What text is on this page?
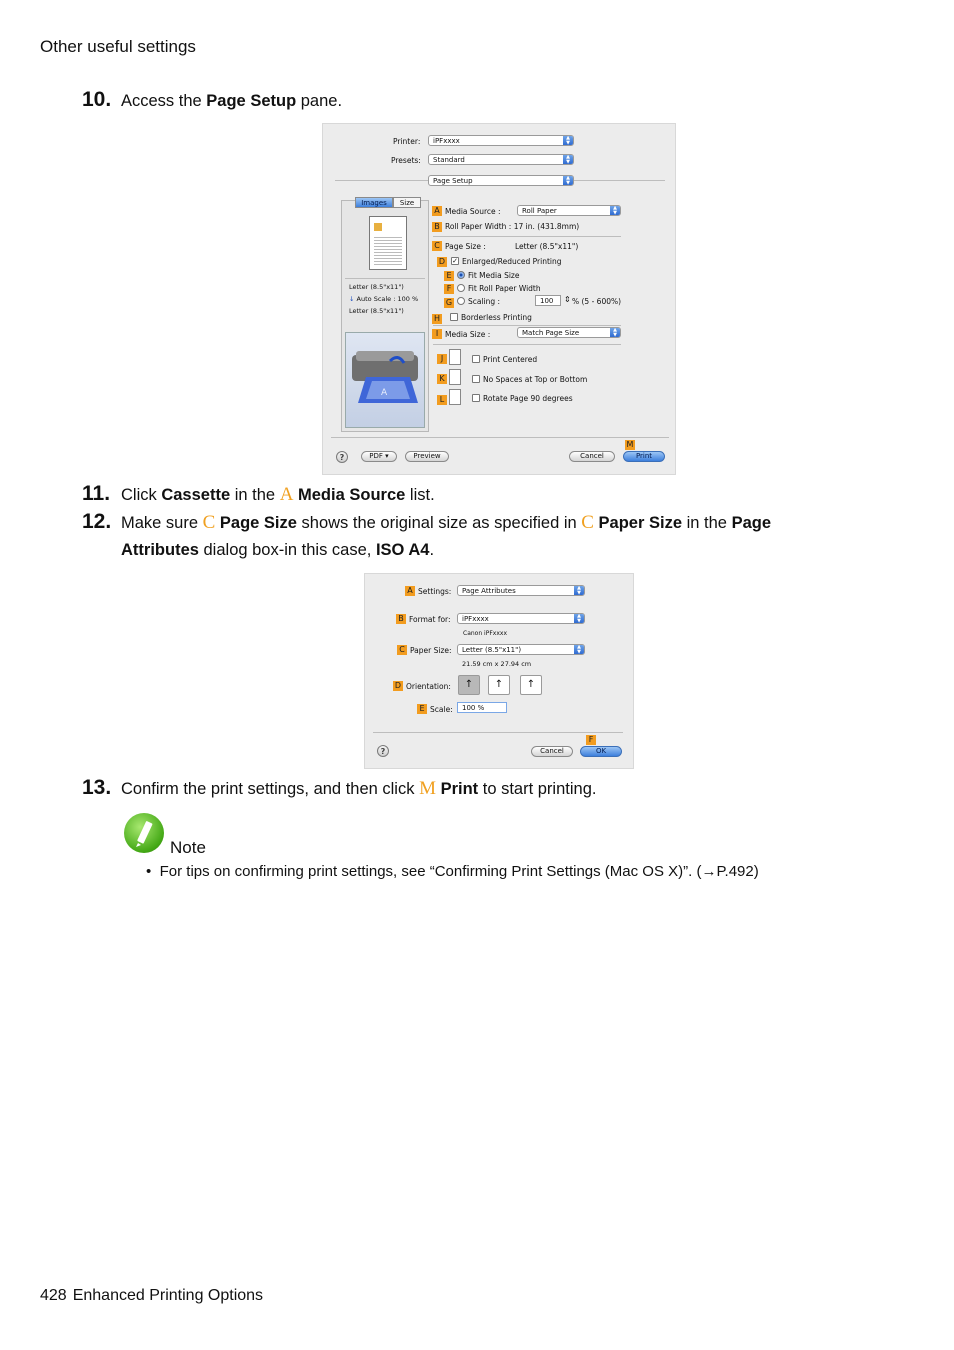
Other useful settings
428 Enhanced Printing Options
10. Access the Page Setup pane.
Printer:	iPFxxxx	▲
▼
Presets:	Standard	▲
▼
Page Setup	▲
▼
Images	Size
Letter (8.5"x11")
↓ Auto Scale : 100 %
Letter (8.5"x11")
A
A Media Source :	Roll Paper	▲
▼
B Roll Paper Width : 17 in. (431.8mm)
C Page Size :	Letter (8.5"x11")
D ✓ Enlarged/Reduced Printing
E	Fit Media Size
F	Fit Roll Paper Width
G Scaling :	100	⇕ % (5 - 600%)
H	Borderless Printing
I Media Size :	Match Page Size	▲
▼
J	Print Centered
K	No Spaces at Top or Bottom
L	Rotate Page 90 degrees
?	PDF ▾	Preview	Cancel
M
Print
11. Click Cassette in the A Media Source list.
12. Make sure C Page Size shows the original size as specified in C Paper Size in the Page
Attributes dialog box-in this case, ISO A4.
A Settings:	Page Attributes	▲
▼
B Format for:	iPFxxxx	▲
▼
Canon iPFxxxx
C Paper Size:	Letter (8.5"x11")	▲
▼
21.59 cm x 27.94 cm
D Orientation:	↑	↑	↑
E Scale:	100 %
?	Cancel
F
OK
13. Confirm the print settings, and then click M Print to start printing.
Note
• For tips on confirming print settings, see “Confirming Print Settings (Mac OS X)”. (→P.492)
